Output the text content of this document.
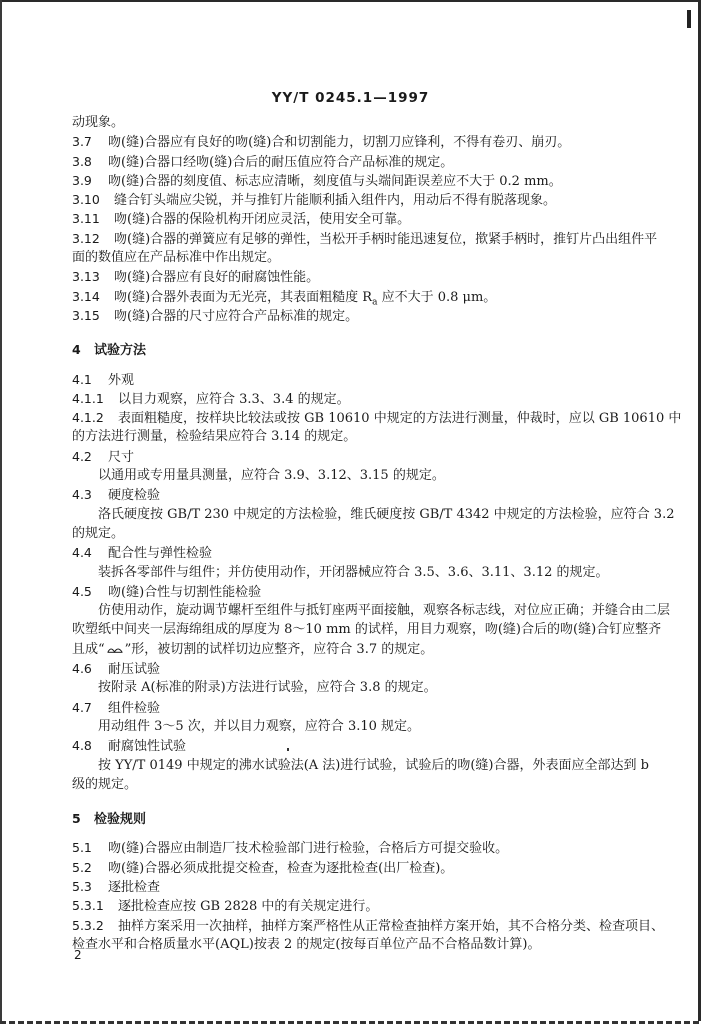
YY/T 0245.1—1997
动现象。
3.7 吻(缝)合器应有良好的吻(缝)合和切割能力，切割刀应锋利，不得有卷刃、崩刃。
3.8 吻(缝)合器口经吻(缝)合后的耐压值应符合产品标准的规定。
3.9 吻(缝)合器的刻度值、标志应清晰，刻度值与头端间距误差应不大于 0.2 mm。
3.10 缝合钉头端应尖锐，并与推钉片能顺利插入组件内，用动后不得有脱落现象。
3.11 吻(缝)合器的保险机构开闭应灵活，使用安全可靠。
3.12 吻(缝)合器的弹簧应有足够的弹性，当松开手柄时能迅速复位，揿紧手柄时，推钉片凸出组件平
面的数值应在产品标准中作出规定。
3.13 吻(缝)合器应有良好的耐腐蚀性能。
3.14 吻(缝)合器外表面为无光亮，其表面粗糙度 $R_a$ 应不大于 0.8 μm。
3.15 吻(缝)合器的尺寸应符合产品标准的规定。
4 试验方法
4.1 外观
4.1.1 以目力观察，应符合 3.3、3.4 的规定。
4.1.2 表面粗糙度，按样块比较法或按 GB 10610 中规定的方法进行测量，仲裁时，应以 GB 10610 中
的方法进行测量，检验结果应符合 3.14 的规定。
4.2 尺寸
以通用或专用量具测量，应符合 3.9、3.12、3.15 的规定。
4.3 硬度检验
洛氏硬度按 GB/T 230 中规定的方法检验，维氏硬度按 GB/T 4342 中规定的方法检验，应符合 3.2
的规定。
4.4 配合性与弹性检验
装拆各零部件与组件；并仿使用动作，开闭器械应符合 3.5、3.6、3.11、3.12 的规定。
4.5 吻(缝)合性与切割性能检验
仿使用动作，旋动调节螺杆至组件与抵钉座两平面接触，观察各标志线，对位应正确；并缝合由二层
吹塑纸中间夹一层海绵组成的厚度为 8～10 mm 的试样，用目力观察，吻(缝)合后的吻(缝)合钉应整齐
且成“ ”形，被切割的试样切边应整齐，应符合 3.7 的规定。
4.6 耐压试验
按附录 A(标准的附录)方法进行试验，应符合 3.8 的规定。
4.7 组件检验
用动组件 3～5 次，并以目力观察，应符合 3.10 规定。
4.8 耐腐蚀性试验
按 YY/T 0149 中规定的沸水试验法(A 法)进行试验，试验后的吻(缝)合器，外表面应全部达到 b
级的规定。
5 检验规则
5.1 吻(缝)合器应由制造厂技术检验部门进行检验，合格后方可提交验收。
5.2 吻(缝)合器必须成批提交检查，检查为逐批检查(出厂检查)。
5.3 逐批检查
5.3.1 逐批检查应按 GB 2828 中的有关规定进行。
5.3.2 抽样方案采用一次抽样，抽样方案严格性从正常检查抽样方案开始，其不合格分类、检查项目、
检查水平和合格质量水平(AQL)按表 2 的规定(按每百单位产品不合格品数计算)。
2
